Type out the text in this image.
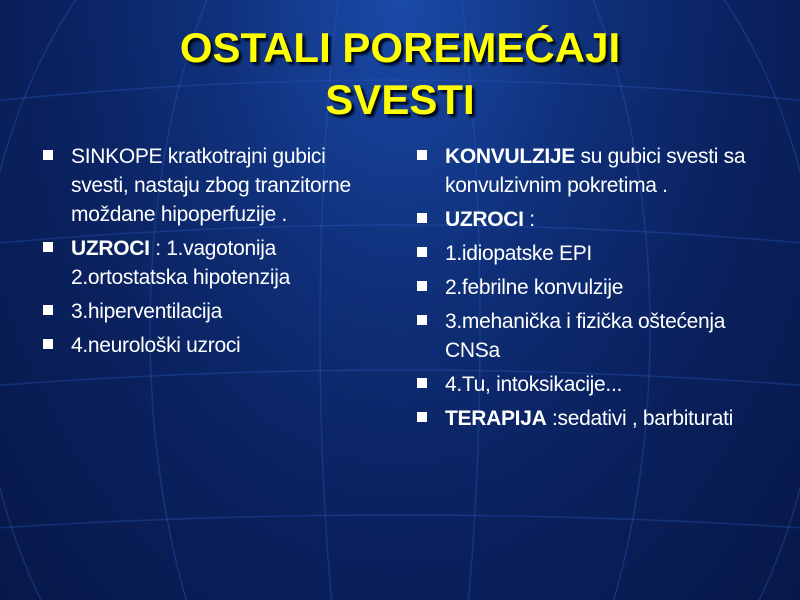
OSTALI POREMEĆAJI
SVESTI
SINKOPE kratkotrajni gubici svesti, nastaju zbog tranzitorne moždane hipoperfuzije .
UZROCI : 1.vagotonija 2.ortostatska hipotenzija
3.hiperventilacija
4.neurološki uzroci
KONVULZIJE su gubici svesti sa konvulzivnim pokretima .
UZROCI :
1.idiopatske EPI
2.febrilne konvulzije
3.mehanička i fizička oštećenja CNSa
4.Tu, intoksikacije...
TERAPIJA :sedativi , barbiturati
